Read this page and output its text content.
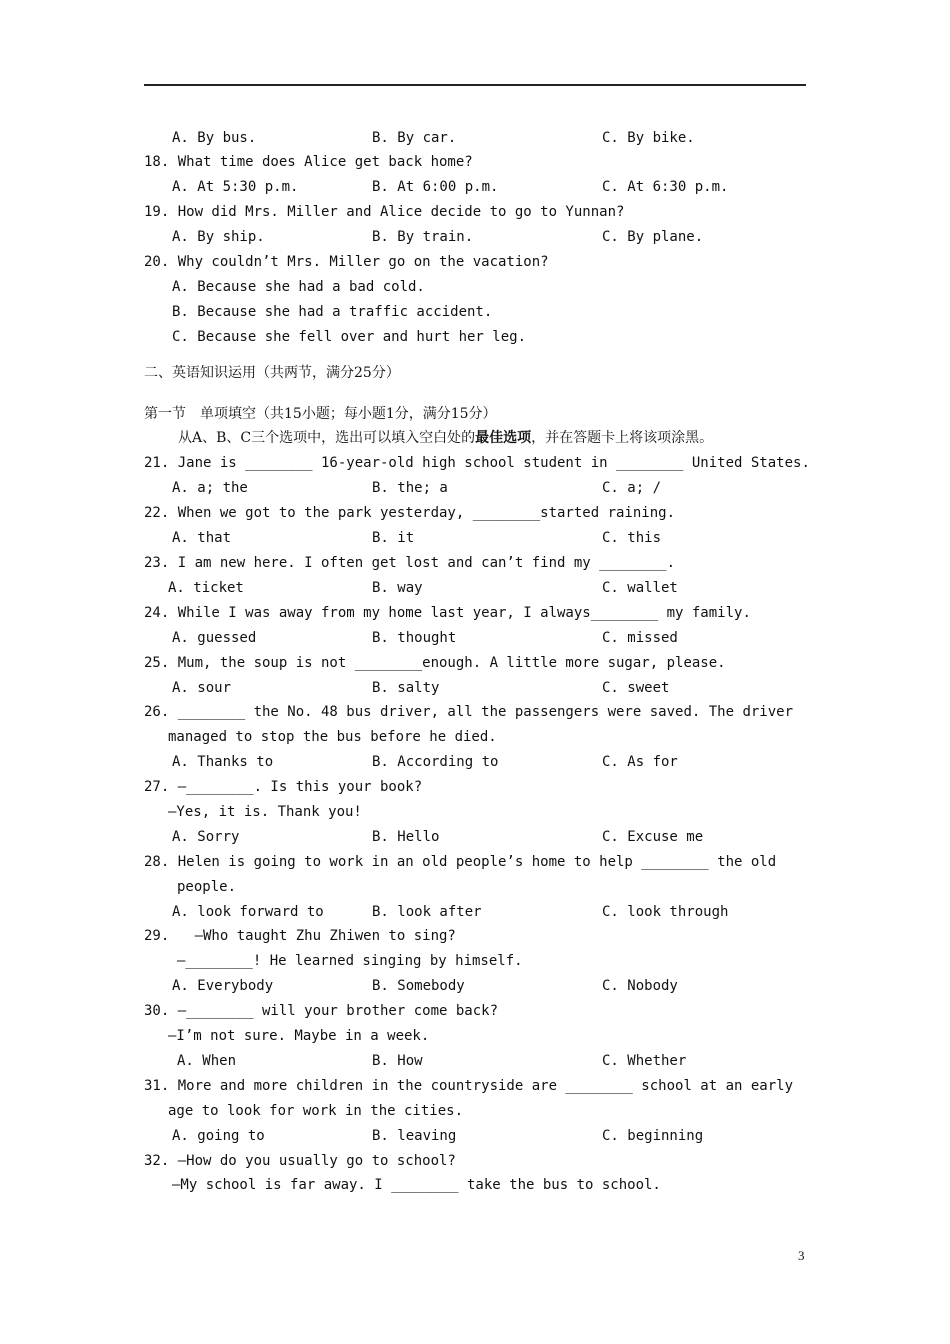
A. By bus.	B. By car.	C. By bike.
18. What time does Alice get back home?
A. At 5:30 p.m.	B. At 6:00 p.m.	C. At 6:30 p.m.
19. How did Mrs. Miller and Alice decide to go to Yunnan?
A. By ship.	B. By train.	C. By plane.
20. Why couldn’t Mrs. Miller go on the vacation?
A. Because she had a bad cold.
B. Because she had a traffic accident.
C. Because she fell over and hurt her leg.
二、英语知识运用（共两节，满分25分）
第一节　单项填空（共15小题；每小题1分，满分15分）
从A、B、C三个选项中，选出可以填入空白处的最佳选项，并在答题卡上将该项涂黑。
21. Jane is ________ 16-year-old high school student in ________ United States.
A. a; the	B. the; a	C. a; /
22. When we got to the park yesterday, ________started raining.
A. that	B. it	C. this
23. I am new here. I often get lost and can’t find my ________.
A. ticket	B. way	C. wallet
24. While I was away from my home last year, I always________ my family.
A. guessed	B. thought	C. missed
25. Mum, the soup is not ________enough. A little more sugar, please.
A. sour	B. salty	C. sweet
26. ________ the No. 48 bus driver, all the passengers were saved. The driver
managed to stop the bus before he died.
A. Thanks to	B. According to	C. As for
27. —________. Is this your book?
—Yes, it is. Thank you!
A. Sorry	B. Hello	C. Excuse me
28. Helen is going to work in an old people’s home to help ________ the old
people.
A. look forward to	B. look after	C. look through
29.   —Who taught Zhu Zhiwen to sing?
—________! He learned singing by himself.
A. Everybody	B. Somebody	C. Nobody
30. —________ will your brother come back?
—I’m not sure. Maybe in a week.
A. When	B. How	C. Whether
31. More and more children in the countryside are ________ school at an early
age to look for work in the cities.
A. going to	B. leaving	C. beginning
32. —How do you usually go to school?
—My school is far away. I ________ take the bus to school.
3
